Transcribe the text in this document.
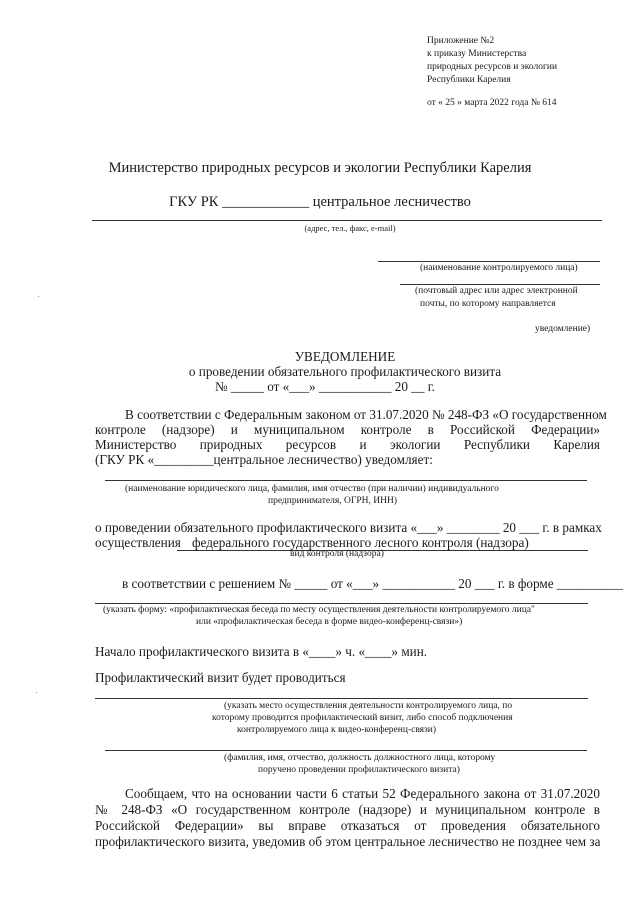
Приложение №2
к приказу Министерства
природных ресурсов и экологии
Республики Карелия
от « 25 » марта 2022 года № 614
Министерство природных ресурсов и экологии Республики Карелия
ГКУ РК ____________ центральное лесничество
(адрес, тел., факс, e-mail)
(наименование контролируемого лица)
(почтовый адрес или адрес электронной
почты, по которому направляется
уведомление)
УВЕДОМЛЕНИЕ
о проведении обязательного профилактического визита
№ _____ от «___» ___________ 20 __ г.
В соответствии с Федеральным законом от 31.07.2020 № 248-ФЗ «О государственном
контроле (надзоре) и муниципальном контроле в Российской Федерации»
Министерство природных ресурсов и экологии Республики Карелия
(ГКУ РК «_________центральное лесничество) уведомляет:
(наименование юридического лица, фамилия, имя отчество (при наличии) индивидуального
предпринимателя, ОГРН, ИНН)
о проведении обязательного профилактического визита «___» ________ 20 ___ г. в рамках
осуществления федерального государственного лесного контроля (надзора)
вид контроля (надзора)
в соответствии с решением № _____ от «___» ___________ 20 ___ г. в форме __________
(указать форму: «профилактическая беседа по месту осуществления деятельности контролируемого лица"
или «профилактическая беседа в форме видео-конференц-связи»)
Начало профилактического визита в «____» ч. «____» мин.
Профилактический визит будет проводиться
(указать место осуществления деятельности контролируемого лица, по
которому проводится профилактический визит, либо способ подключения
контролируемого лица к видео-конференц-связи)
(фамилия, имя, отчество, должность должностного лица, которому
поручено проведении профилактического визита)
Сообщаем, что на основании части 6 статьи 52 Федерального закона от 31.07.2020
№ 248-ФЗ «О государственном контроле (надзоре) и муниципальном контроле в
Российской Федерации» вы вправе отказаться от проведения обязательного
профилактического визита, уведомив об этом центральное лесничество не позднее чем за
